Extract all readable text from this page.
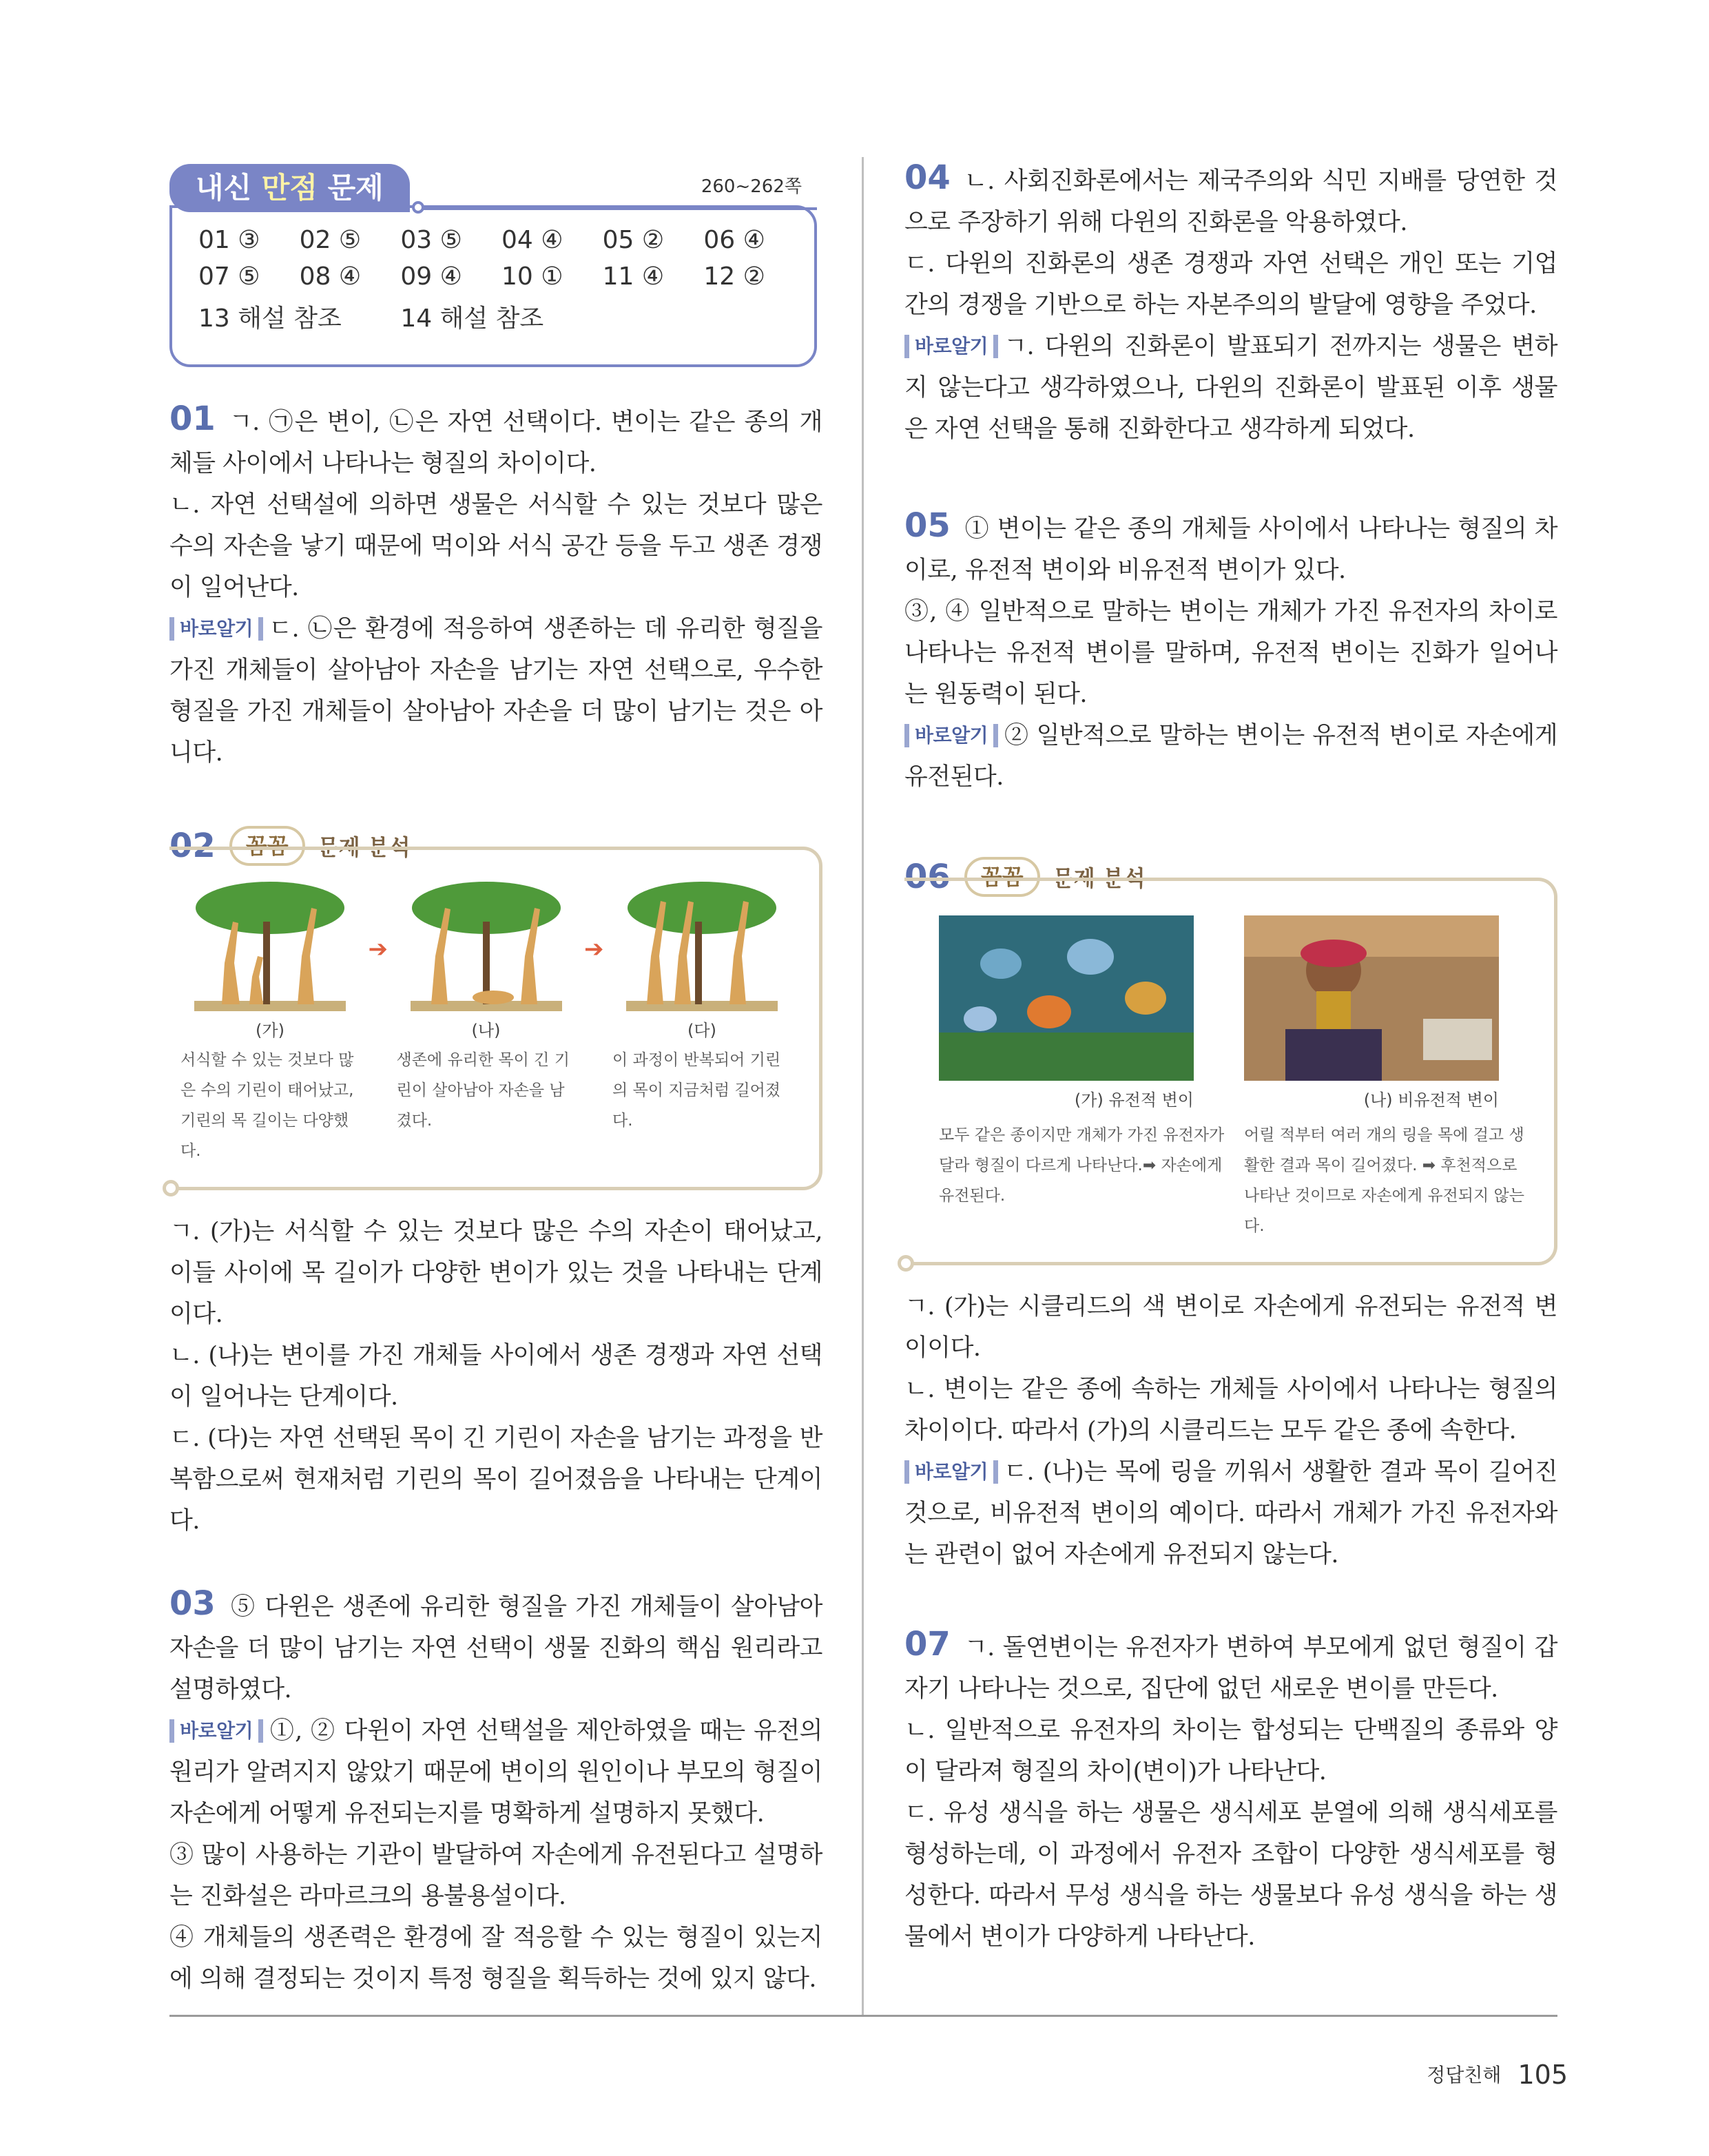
내신 만점 문제	260~262쪽
01 ③	02 ⑤	03 ⑤	04 ④	05 ②	06 ④
07 ⑤	08 ④	09 ④	10 ①	11 ④	12 ②
13 해설 참조	14 해설 참조

01 ㄱ. ㉠은 변이, ㉡은 자연 선택이다. 변이는 같은 종의 개체들 사이에서 나타나는 형질의 차이이다.

ㄴ. 자연 선택설에 의하면 생물은 서식할 수 있는 것보다 많은 수의 자손을 낳기 때문에 먹이와 서식 공간 등을 두고 생존 경쟁이 일어난다.

바로알기 ㄷ. ㉡은 환경에 적응하여 생존하는 데 유리한 형질을 가진 개체들이 살아남아 자손을 남기는 자연 선택으로, 우수한 형질을 가진 개체들이 살아남아 자손을 더 많이 남기는 것은 아니다.

02	꼼꼼	문제 분석
(가)
서식할 수 있는 것보다 많은 수의 기린이 태어났고, 기린의 목 길이는 다양했다.
➔
(나)
생존에 유리한 목이 긴 기린이 살아남아 자손을 남겼다.
➔
(다)
이 과정이 반복되어 기린의 목이 지금처럼 길어졌다.

ㄱ. (가)는 서식할 수 있는 것보다 많은 수의 자손이 태어났고, 이들 사이에 목 길이가 다양한 변이가 있는 것을 나타내는 단계이다.

ㄴ. (나)는 변이를 가진 개체들 사이에서 생존 경쟁과 자연 선택이 일어나는 단계이다.

ㄷ. (다)는 자연 선택된 목이 긴 기린이 자손을 남기는 과정을 반복함으로써 현재처럼 기린의 목이 길어졌음을 나타내는 단계이다.

03 ⑤ 다윈은 생존에 유리한 형질을 가진 개체들이 살아남아 자손을 더 많이 남기는 자연 선택이 생물 진화의 핵심 원리라고 설명하였다.

바로알기 ①, ② 다윈이 자연 선택설을 제안하였을 때는 유전의 원리가 알려지지 않았기 때문에 변이의 원인이나 부모의 형질이 자손에게 어떻게 유전되는지를 명확하게 설명하지 못했다.

③ 많이 사용하는 기관이 발달하여 자손에게 유전된다고 설명하는 진화설은 라마르크의 용불용설이다.

④ 개체들의 생존력은 환경에 잘 적응할 수 있는 형질이 있는지에 의해 결정되는 것이지 특정 형질을 획득하는 것에 있지 않다.

04 ㄴ. 사회진화론에서는 제국주의와 식민 지배를 당연한 것으로 주장하기 위해 다윈의 진화론을 악용하였다.

ㄷ. 다윈의 진화론의 생존 경쟁과 자연 선택은 개인 또는 기업 간의 경쟁을 기반으로 하는 자본주의의 발달에 영향을 주었다.

바로알기 ㄱ. 다윈의 진화론이 발표되기 전까지는 생물은 변하지 않는다고 생각하였으나, 다윈의 진화론이 발표된 이후 생물은 자연 선택을 통해 진화한다고 생각하게 되었다.

05 ① 변이는 같은 종의 개체들 사이에서 나타나는 형질의 차이로, 유전적 변이와 비유전적 변이가 있다.

③, ④ 일반적으로 말하는 변이는 개체가 가진 유전자의 차이로 나타나는 유전적 변이를 말하며, 유전적 변이는 진화가 일어나는 원동력이 된다.

바로알기 ② 일반적으로 말하는 변이는 유전적 변이로 자손에게 유전된다.

06	꼼꼼	문제 분석
(가) 유전적 변이
모두 같은 종이지만 개체가 가진 유전자가 달라 형질이 다르게 나타난다.➡ 자손에게 유전된다.
(나) 비유전적 변이
어릴 적부터 여러 개의 링을 목에 걸고 생활한 결과 목이 길어졌다. ➡ 후천적으로 나타난 것이므로 자손에게 유전되지 않는다.

ㄱ. (가)는 시클리드의 색 변이로 자손에게 유전되는 유전적 변이이다.

ㄴ. 변이는 같은 종에 속하는 개체들 사이에서 나타나는 형질의 차이이다. 따라서 (가)의 시클리드는 모두 같은 종에 속한다.

바로알기 ㄷ. (나)는 목에 링을 끼워서 생활한 결과 목이 길어진 것으로, 비유전적 변이의 예이다. 따라서 개체가 가진 유전자와는 관련이 없어 자손에게 유전되지 않는다.

07 ㄱ. 돌연변이는 유전자가 변하여 부모에게 없던 형질이 갑자기 나타나는 것으로, 집단에 없던 새로운 변이를 만든다.

ㄴ. 일반적으로 유전자의 차이는 합성되는 단백질의 종류와 양이 달라져 형질의 차이(변이)가 나타난다.

ㄷ. 유성 생식을 하는 생물은 생식세포 분열에 의해 생식세포를 형성하는데, 이 과정에서 유전자 조합이 다양한 생식세포를 형성한다. 따라서 무성 생식을 하는 생물보다 유성 생식을 하는 생물에서 변이가 다양하게 나타난다.

정답친해 105
